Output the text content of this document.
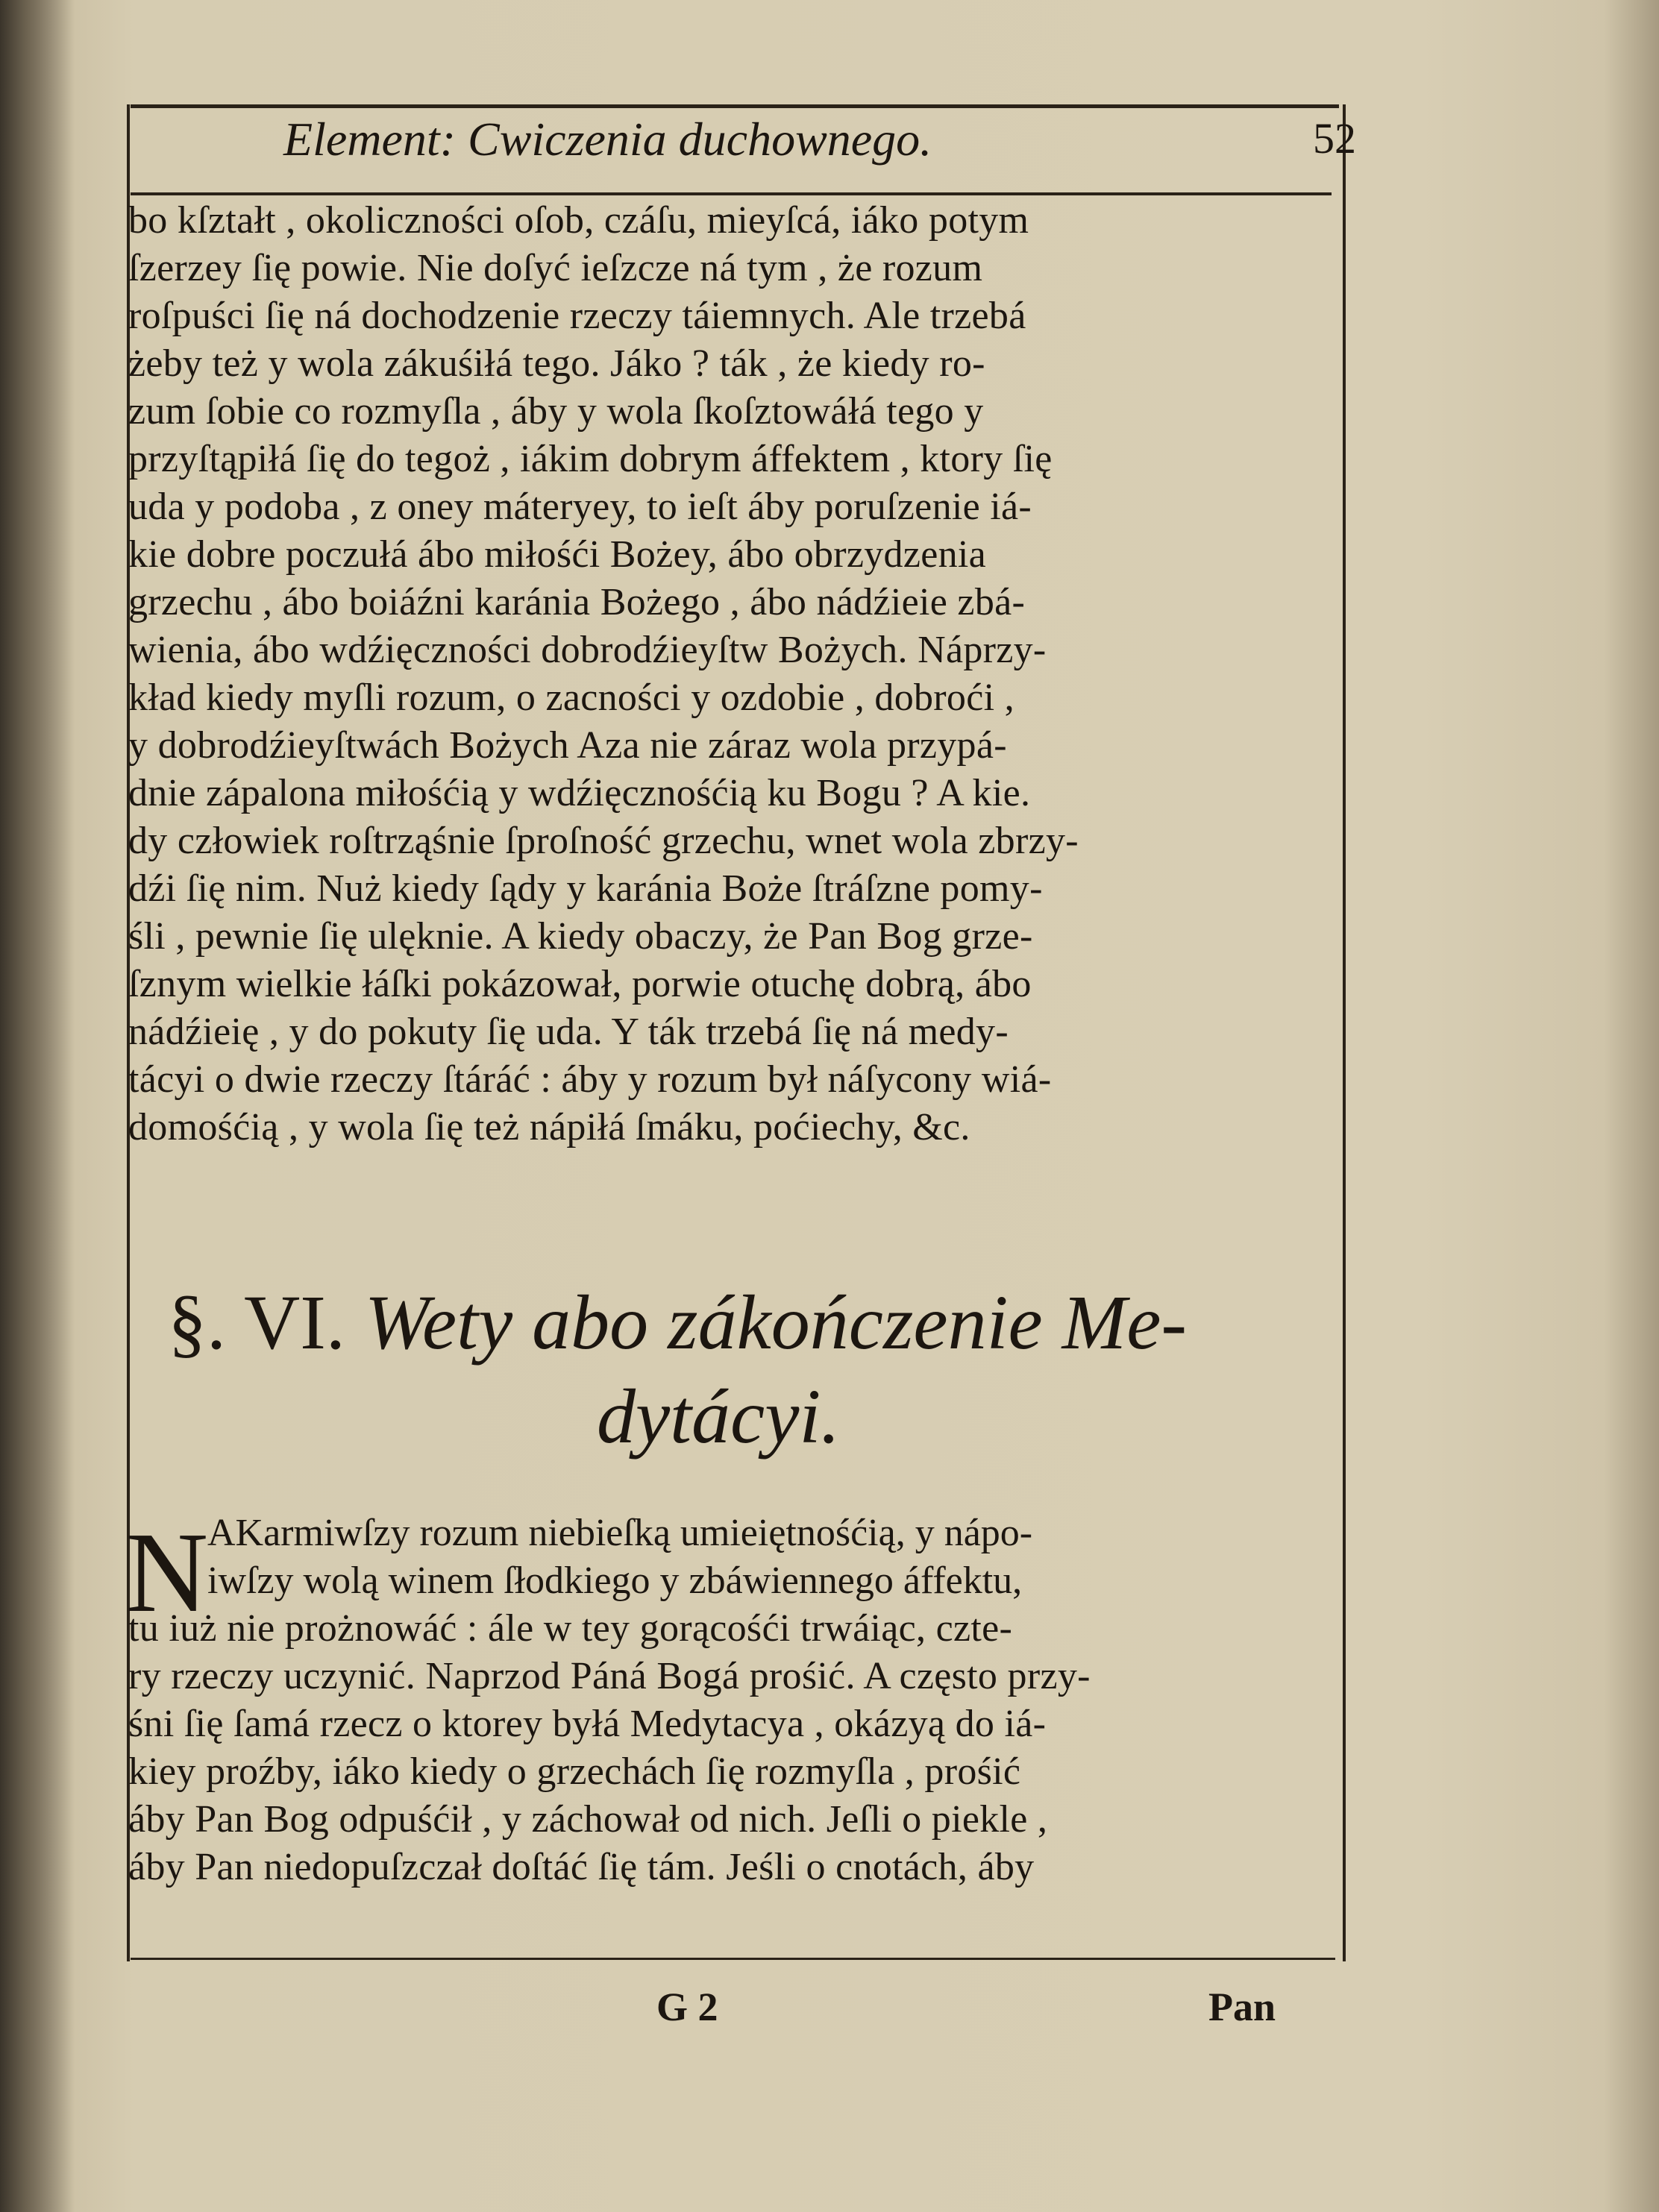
Element: Cwiczenia duchownego.	52
bo kſztałt , okoliczności oſob, czáſu, mieyſcá, iáko potym
ſzerzey ſię powie. Nie doſyć ieſzcze ná tym , że rozum
roſpuści ſię ná dochodzenie rzeczy táiemnych. Ale trzebá
żeby też y wola zákuśiłá tego. Jáko ? ták , że kiedy ro-
zum ſobie co rozmyſla , áby y wola ſkoſztowáłá tego y
przyſtąpiłá ſię do tegoż , iákim dobrym áffektem , ktory ſię
uda y podoba , z oney máteryey, to ieſt áby poruſzenie iá-
kie dobre poczułá ábo miłośći Bożey, ábo obrzydzenia
grzechu , ábo boiáźni karánia Bożego , ábo nádźieie zbá-
wienia, ábo wdźięczności dobrodźieyſtw Bożych. Náprzy-
kład kiedy myſli rozum, o zacności y ozdobie , dobroći ,
y dobrodźieyſtwách Bożych Aza nie záraz wola przypá-
dnie zápalona miłośćią y wdźięcznośćią ku Bogu ? A kie.
dy człowiek roſtrząśnie ſproſność grzechu, wnet wola zbrzy-
dźi ſię nim. Nuż kiedy ſądy y karánia Boże ſtráſzne pomy-
śli , pewnie ſię ulęknie. A kiedy obaczy, że Pan Bog grze-
ſznym wielkie łáſki pokázował, porwie otuchę dobrą, ábo
nádźieię , y do pokuty ſię uda. Y ták trzebá ſię ná medy-
tácyi o dwie rzeczy ſtáráć : áby y rozum był náſycony wiá-
domośćią , y wola ſię też nápiłá ſmáku, poćiechy, &c.
§. VI. Wety abo zákończenie Me-
dytácyi.
N
AKarmiwſzy rozum niebieſką umieiętnośćią, y nápo-
iwſzy wolą winem ſłodkiego y zbáwiennego áffektu,
tu iuż nie prożnowáć : ále w tey gorącośći trwáiąc, czte-
ry rzeczy uczynić. Naprzod Páná Bogá prośić. A często przy-
śni ſię ſamá rzecz o ktorey byłá Medytacya , okázyą do iá-
kiey proźby, iáko kiedy o grzechách ſię rozmyſla , prośić
áby Pan Bog odpuśćił , y záchował od nich. Jeſli o piekle ,
áby Pan niedopuſzczał doſtáć ſię tám. Jeśli o cnotách, áby
G 2	Pan
